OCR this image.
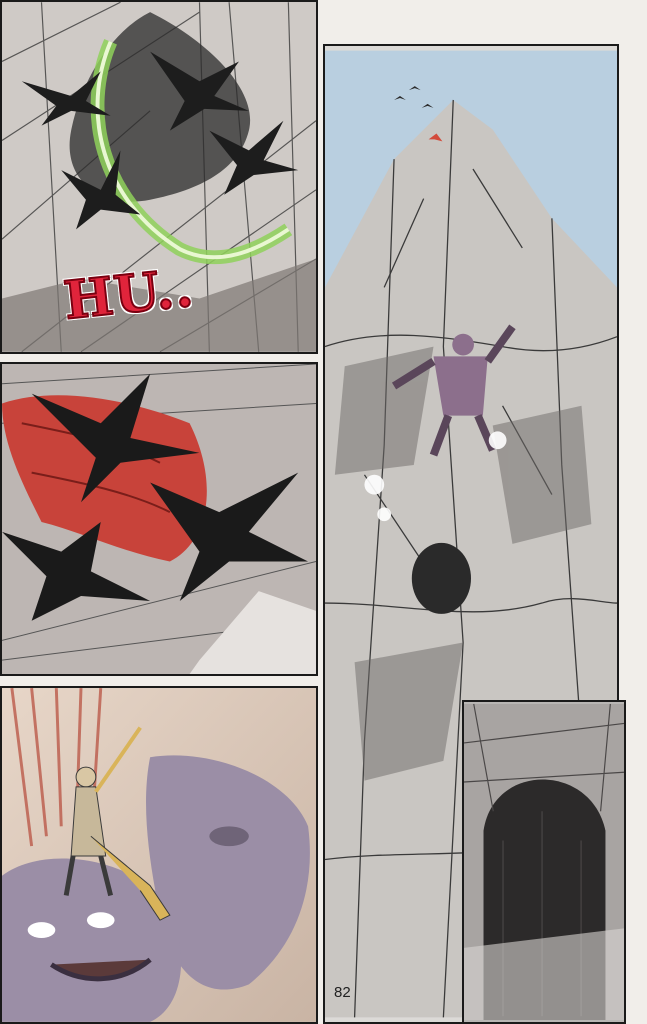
HU..
82
